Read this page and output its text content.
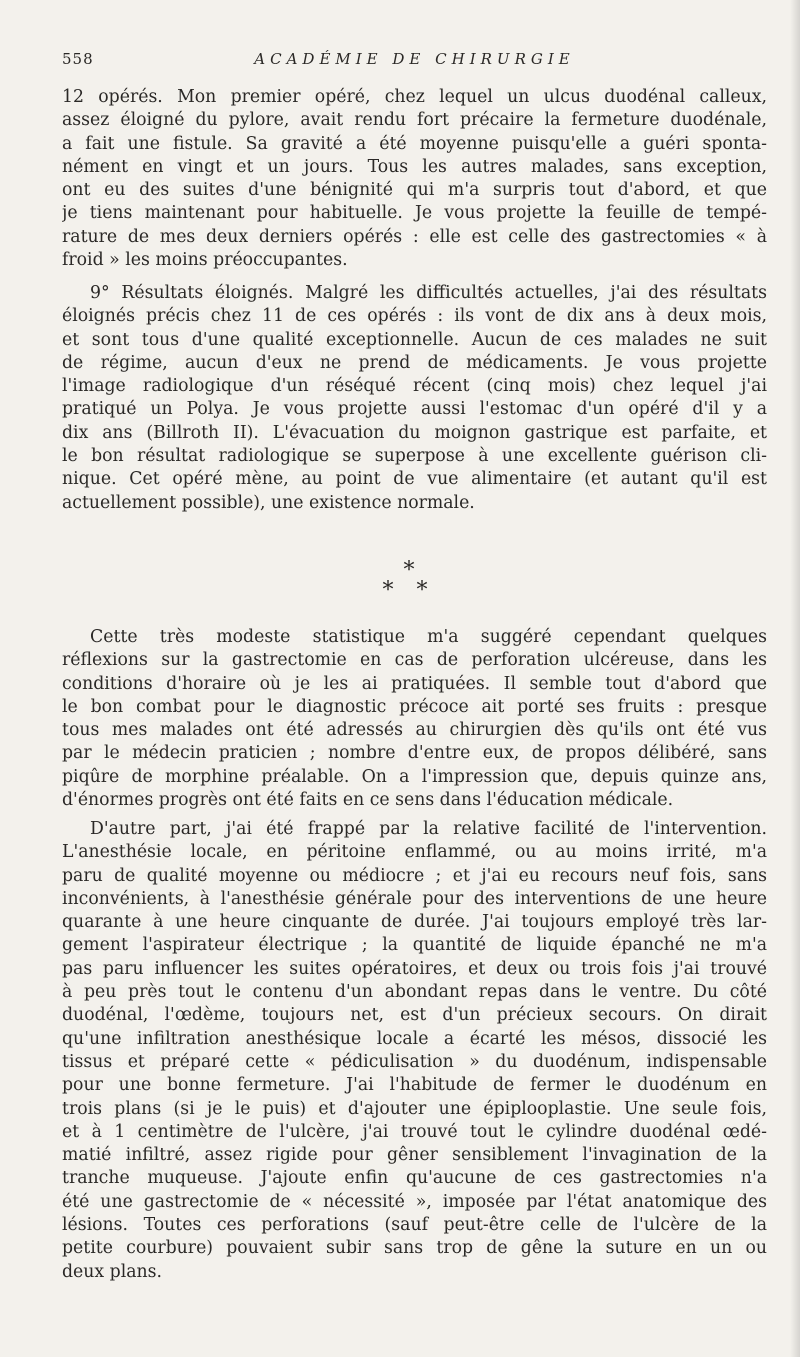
558	ACADÉMIE DE CHIRURGIE
12 opérés. Mon premier opéré, chez lequel un ulcus duodénal calleux,
assez éloigné du pylore, avait rendu fort précaire la fermeture duodénale,
a fait une fistule. Sa gravité a été moyenne puisqu'elle a guéri sponta-
nément en vingt et un jours. Tous les autres malades, sans exception,
ont eu des suites d'une bénignité qui m'a surpris tout d'abord, et que
je tiens maintenant pour habituelle. Je vous projette la feuille de tempé-
rature de mes deux derniers opérés : elle est celle des gastrectomies « à
froid » les moins préoccupantes.
9° Résultats éloignés. Malgré les difficultés actuelles, j'ai des résultats
éloignés précis chez 11 de ces opérés : ils vont de dix ans à deux mois,
et sont tous d'une qualité exceptionnelle. Aucun de ces malades ne suit
de régime, aucun d'eux ne prend de médicaments. Je vous projette
l'image radiologique d'un réséqué récent (cinq mois) chez lequel j'ai
pratiqué un Polya. Je vous projette aussi l'estomac d'un opéré d'il y a
dix ans (Billroth II). L'évacuation du moignon gastrique est parfaite, et
le bon résultat radiologique se superpose à une excellente guérison cli-
nique. Cet opéré mène, au point de vue alimentaire (et autant qu'il est
actuellement possible), une existence normale.
*
* *
Cette très modeste statistique m'a suggéré cependant quelques
réflexions sur la gastrectomie en cas de perforation ulcéreuse, dans les
conditions d'horaire où je les ai pratiquées. Il semble tout d'abord que
le bon combat pour le diagnostic précoce ait porté ses fruits : presque
tous mes malades ont été adressés au chirurgien dès qu'ils ont été vus
par le médecin praticien ; nombre d'entre eux, de propos délibéré, sans
piqûre de morphine préalable. On a l'impression que, depuis quinze ans,
d'énormes progrès ont été faits en ce sens dans l'éducation médicale.
D'autre part, j'ai été frappé par la relative facilité de l'intervention.
L'anesthésie locale, en péritoine enflammé, ou au moins irrité, m'a
paru de qualité moyenne ou médiocre ; et j'ai eu recours neuf fois, sans
inconvénients, à l'anesthésie générale pour des interventions de une heure
quarante à une heure cinquante de durée. J'ai toujours employé très lar-
gement l'aspirateur électrique ; la quantité de liquide épanché ne m'a
pas paru influencer les suites opératoires, et deux ou trois fois j'ai trouvé
à peu près tout le contenu d'un abondant repas dans le ventre. Du côté
duodénal, l'œdème, toujours net, est d'un précieux secours. On dirait
qu'une infiltration anesthésique locale a écarté les mésos, dissocié les
tissus et préparé cette « pédiculisation » du duodénum, indispensable
pour une bonne fermeture. J'ai l'habitude de fermer le duodénum en
trois plans (si je le puis) et d'ajouter une épiplooplastie. Une seule fois,
et à 1 centimètre de l'ulcère, j'ai trouvé tout le cylindre duodénal œdé-
matié infiltré, assez rigide pour gêner sensiblement l'invagination de la
tranche muqueuse. J'ajoute enfin qu'aucune de ces gastrectomies n'a
été une gastrectomie de « nécessité », imposée par l'état anatomique des
lésions. Toutes ces perforations (sauf peut-être celle de l'ulcère de la
petite courbure) pouvaient subir sans trop de gêne la suture en un ou
deux plans.
